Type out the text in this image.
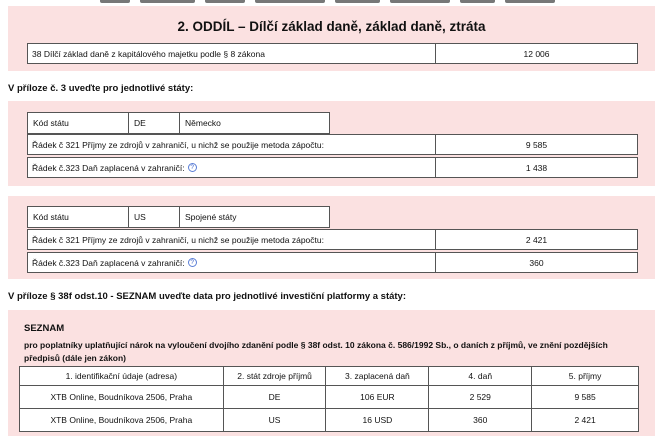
2. ODDÍL – Dílčí základ daně, základ daně, ztráta
38 Dílčí základ daně z kapitálového majetku podle § 8 zákona	12 006
V příloze č. 3 uveďte pro jednotlivé státy:
Kód státu	DE	Německo
Řádek č 321 Příjmy ze zdrojů v zahraničí, u nichž se použije metoda zápočtu:	9 585
Řádek č.323 Daň zaplacená v zahraničí: ?	1 438
Kód státu	US	Spojené státy
Řádek č 321 Příjmy ze zdrojů v zahraničí, u nichž se použije metoda zápočtu:	2 421
Řádek č.323 Daň zaplacená v zahraničí: ?	360
V příloze § 38f odst.10 - SEZNAM uveďte data pro jednotlivé investiční platformy a státy:
SEZNAM
pro poplatníky uplatňující nárok na vyloučení dvojího zdanění podle § 38f odst. 10 zákona č. 586/1992 Sb., o daních z příjmů, ve znění pozdějších předpisů (dále jen zákon)
1. identifikační údaje (adresa)	2. stát zdroje příjmů	3. zaplacená daň	4. daň	5. příjmy
XTB Online, Boudníkova 2506, Praha	DE	106 EUR	2 529	9 585
XTB Online, Boudníkova 2506, Praha	US	16 USD	360	2 421
